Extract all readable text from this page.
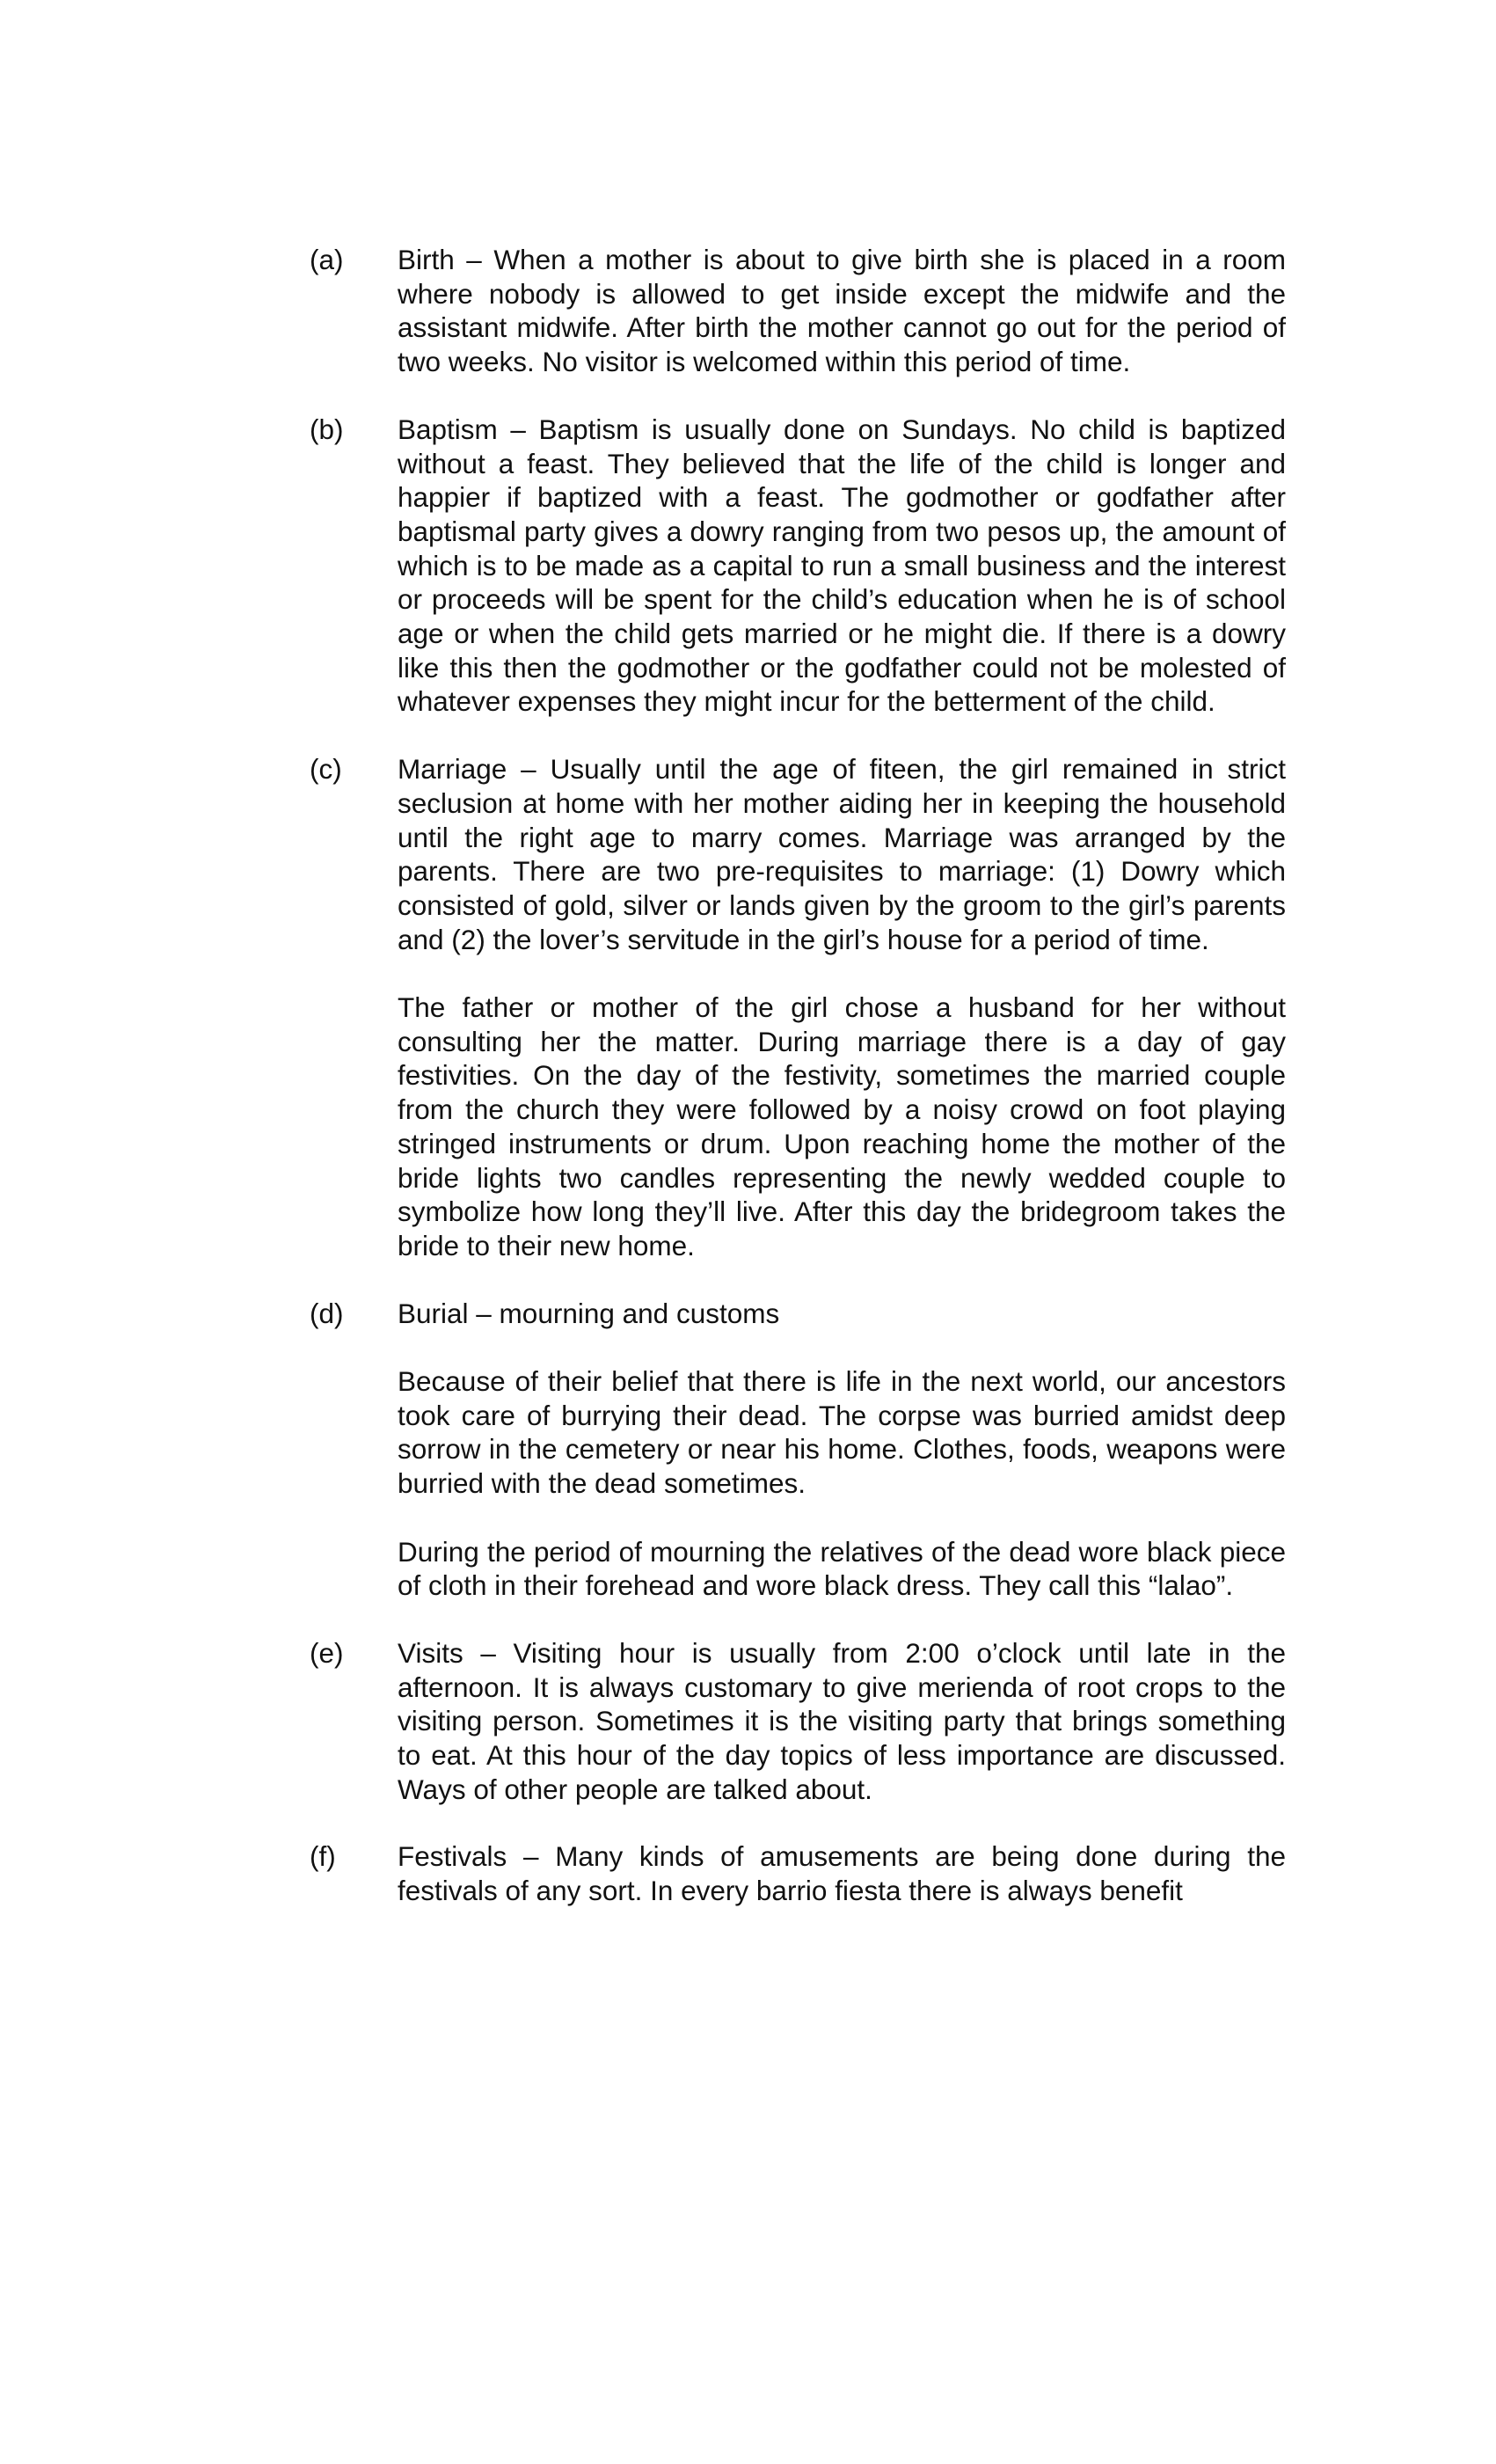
(a)	Birth – When a mother is about to give birth she is placed in a room where nobody is allowed to get inside except the midwife and the assistant midwife. After birth the mother cannot go out for the period of two weeks. No visitor is welcomed within this period of time.

(b)	Baptism – Baptism is usually done on Sundays. No child is baptized without a feast. They believed that the life of the child is longer and happier if baptized with a feast. The godmother or godfather after baptismal party gives a dowry ranging from two pesos up, the amount of which is to be made as a capital to run a small business and the interest or proceeds will be spent for the child’s education when he is of school age or when the child gets married or he might die. If there is a dowry like this then the godmother or the godfather could not be molested of whatever expenses they might incur for the betterment of the child.

(c)	Marriage – Usually until the age of fiteen, the girl remained in strict seclusion at home with her mother aiding her in keeping the household until the right age to marry comes. Marriage was arranged by the parents. There are two pre-requisites to marriage: (1) Dowry which consisted of gold, silver or lands given by the groom to the girl’s parents and (2) the lover’s servitude in the girl’s house for a period of time.

The father or mother of the girl chose a husband for her without consulting her the matter. During marriage there is a day of gay festivities. On the day of the festivity, sometimes the married couple from the church they were followed by a noisy crowd on foot playing stringed instruments or drum. Upon reaching home the mother of the bride lights two candles representing the newly wedded couple to symbolize how long they’ll live. After this day the bridegroom takes the bride to their new home.

(d)	Burial – mourning and customs

Because of their belief that there is life in the next world, our ancestors took care of burrying their dead. The corpse was burried amidst deep sorrow in the cemetery or near his home. Clothes, foods, weapons were burried with the dead sometimes.

During the period of mourning the relatives of the dead wore black piece of cloth in their forehead and wore black dress. They call this “lalao”.

(e)	Visits – Visiting hour is usually from 2:00 o’clock until late in the afternoon. It is always customary to give merienda of root crops to the visiting person. Sometimes it is the visiting party that brings something to eat. At this hour of the day topics of less importance are discussed. Ways of other people are talked about.

(f)	Festivals – Many kinds of amusements are being done during the festivals of any sort. In every barrio fiesta there is always benefit
